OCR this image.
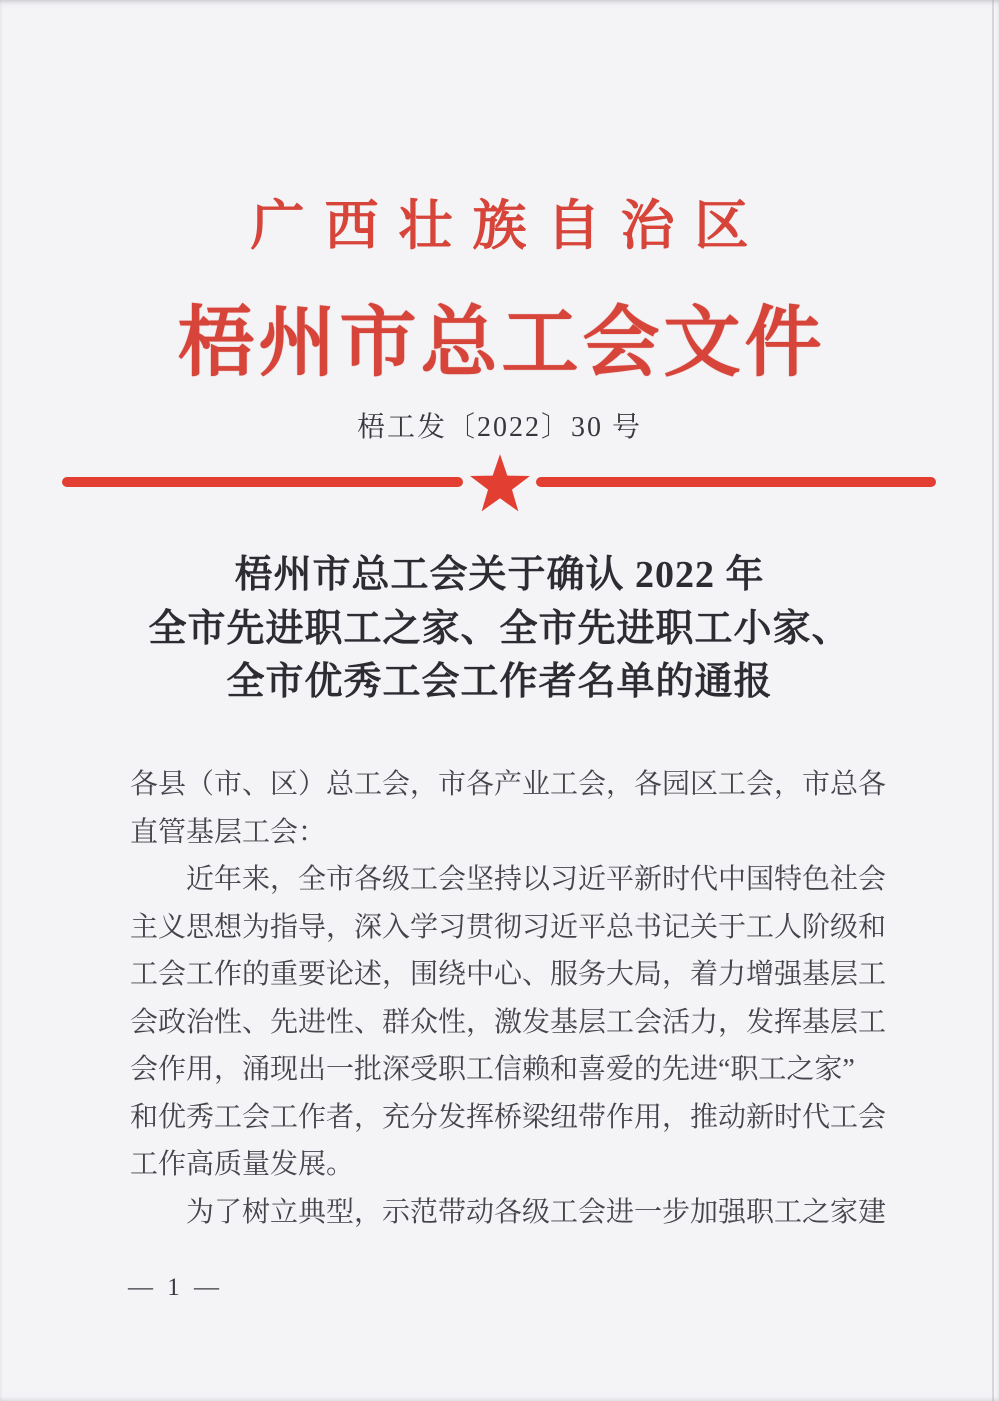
广西壮族自治区
梧州市总工会文件
梧工发〔2022〕30 号
梧州市总工会关于确认 2022 年
全市先进职工之家、全市先进职工小家、
全市优秀工会工作者名单的通报
各县（市、区）总工会，市各产业工会，各园区工会，市总各
直管基层工会：
　　近年来，全市各级工会坚持以习近平新时代中国特色社会
主义思想为指导，深入学习贯彻习近平总书记关于工人阶级和
工会工作的重要论述，围绕中心、服务大局，着力增强基层工
会政治性、先进性、群众性，激发基层工会活力，发挥基层工
会作用，涌现出一批深受职工信赖和喜爱的先进“职工之家”
和优秀工会工作者，充分发挥桥梁纽带作用，推动新时代工会
工作高质量发展。
　　为了树立典型，示范带动各级工会进一步加强职工之家建
— 1 —
